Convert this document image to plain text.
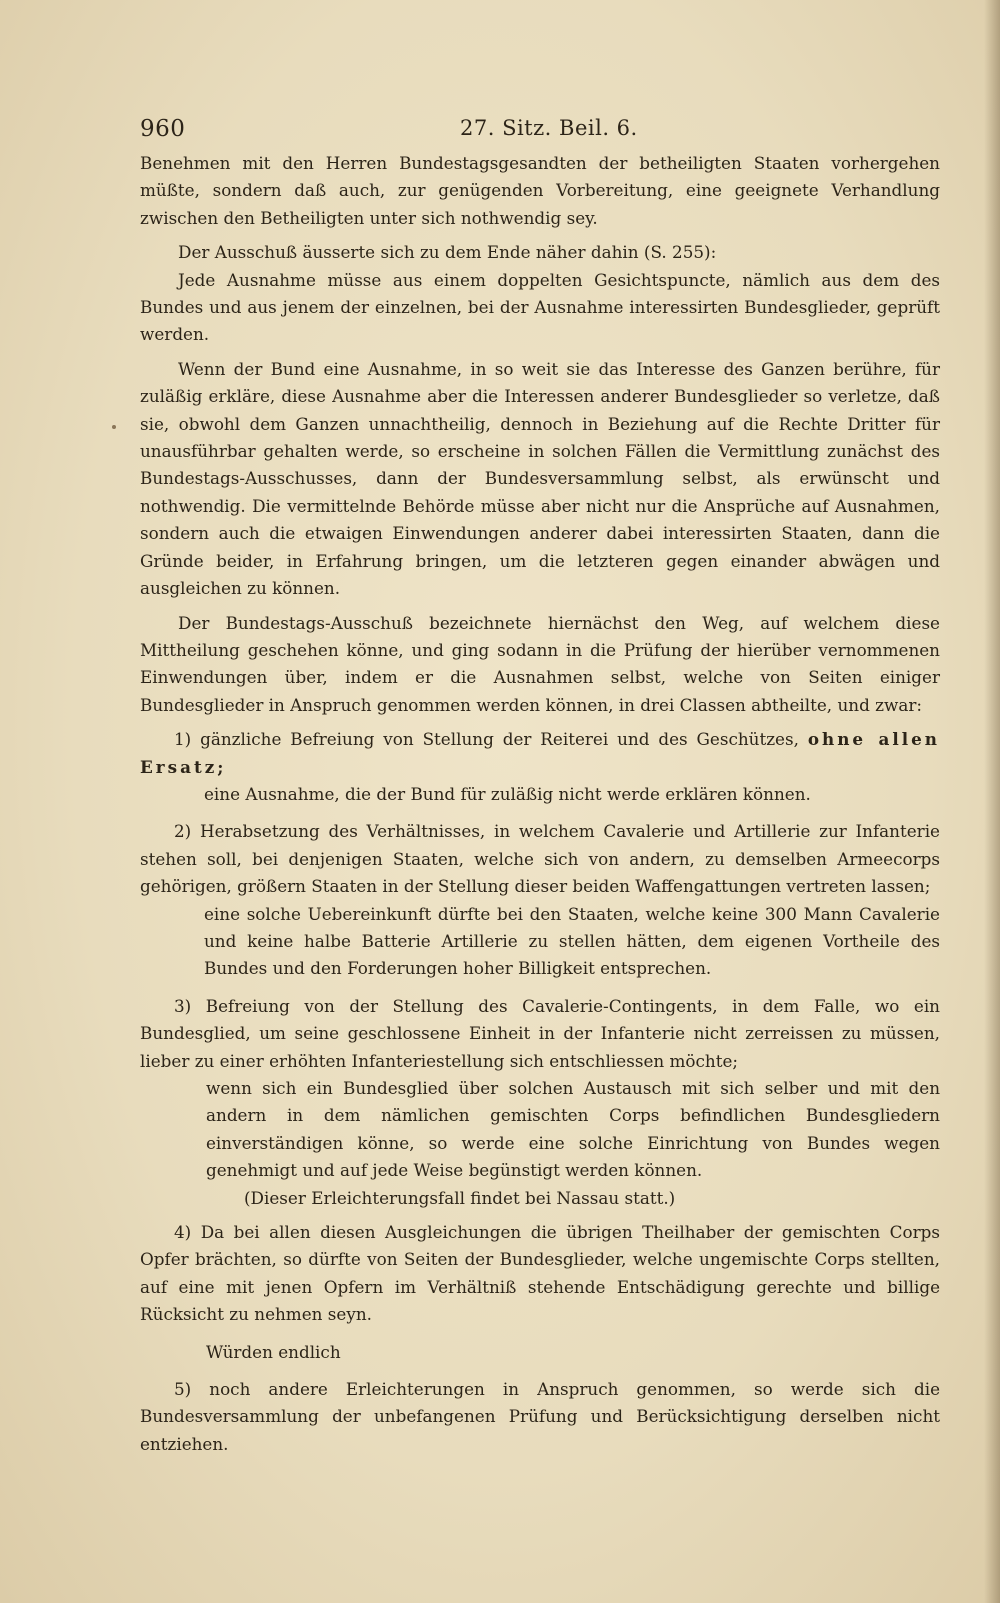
960	27. Sitz. Beil. 6.

Benehmen mit den Herren Bundestagsgesandten der betheiligten Staaten vorhergehen müßte, sondern daß auch, zur genügenden Vorbereitung, eine geeignete Verhandlung zwischen den Betheiligten unter sich nothwendig sey.

Der Ausschuß äusserte sich zu dem Ende näher dahin (S. 255):

Jede Ausnahme müsse aus einem doppelten Gesichtspuncte, nämlich aus dem des Bundes und aus jenem der einzelnen, bei der Ausnahme interessirten Bundesglieder, geprüft werden.

Wenn der Bund eine Ausnahme, in so weit sie das Interesse des Ganzen berühre, für zuläßig erkläre, diese Ausnahme aber die Interessen anderer Bundesglieder so verletze, daß sie, obwohl dem Ganzen unnachtheilig, dennoch in Beziehung auf die Rechte Dritter für unausführbar gehalten werde, so erscheine in solchen Fällen die Vermittlung zunächst des Bundestags-Ausschusses, dann der Bundesversammlung selbst, als erwünscht und nothwendig. Die vermittelnde Behörde müsse aber nicht nur die Ansprüche auf Ausnahmen, sondern auch die etwaigen Einwendungen anderer dabei interessirten Staaten, dann die Gründe beider, in Erfahrung bringen, um die letzteren gegen einander abwägen und ausgleichen zu können.

Der Bundestags-Ausschuß bezeichnete hiernächst den Weg, auf welchem diese Mittheilung geschehen könne, und ging sodann in die Prüfung der hierüber vernommenen Einwendungen über, indem er die Ausnahmen selbst, welche von Seiten einiger Bundesglieder in Anspruch genommen werden können, in drei Classen abtheilte, und zwar:

1) gänzliche Befreiung von Stellung der Reiterei und des Geschützes, ohne allen Ersatz;

eine Ausnahme, die der Bund für zuläßig nicht werde erklären können.

2) Herabsetzung des Verhältnisses, in welchem Cavalerie und Artillerie zur Infanterie stehen soll, bei denjenigen Staaten, welche sich von andern, zu demselben Armeecorps gehörigen, größern Staaten in der Stellung dieser beiden Waffengattungen vertreten lassen;

eine solche Uebereinkunft dürfte bei den Staaten, welche keine 300 Mann Cavalerie und keine halbe Batterie Artillerie zu stellen hätten, dem eigenen Vortheile des Bundes und den Forderungen hoher Billigkeit entsprechen.

3) Befreiung von der Stellung des Cavalerie-Contingents, in dem Falle, wo ein Bundesglied, um seine geschlossene Einheit in der Infanterie nicht zerreissen zu müssen, lieber zu einer erhöhten Infanteriestellung sich entschliessen möchte;

wenn sich ein Bundesglied über solchen Austausch mit sich selber und mit den andern in dem nämlichen gemischten Corps befindlichen Bundesgliedern einverständigen könne, so werde eine solche Einrichtung von Bundes wegen genehmigt und auf jede Weise begünstigt werden können.

(Dieser Erleichterungsfall findet bei Nassau statt.)

4) Da bei allen diesen Ausgleichungen die übrigen Theilhaber der gemischten Corps Opfer brächten, so dürfte von Seiten der Bundesglieder, welche ungemischte Corps stellten, auf eine mit jenen Opfern im Verhältniß stehende Entschädigung gerechte und billige Rücksicht zu nehmen seyn.

Würden endlich

5) noch andere Erleichterungen in Anspruch genommen, so werde sich die Bundesversammlung der unbefangenen Prüfung und Berücksichtigung derselben nicht entziehen.
